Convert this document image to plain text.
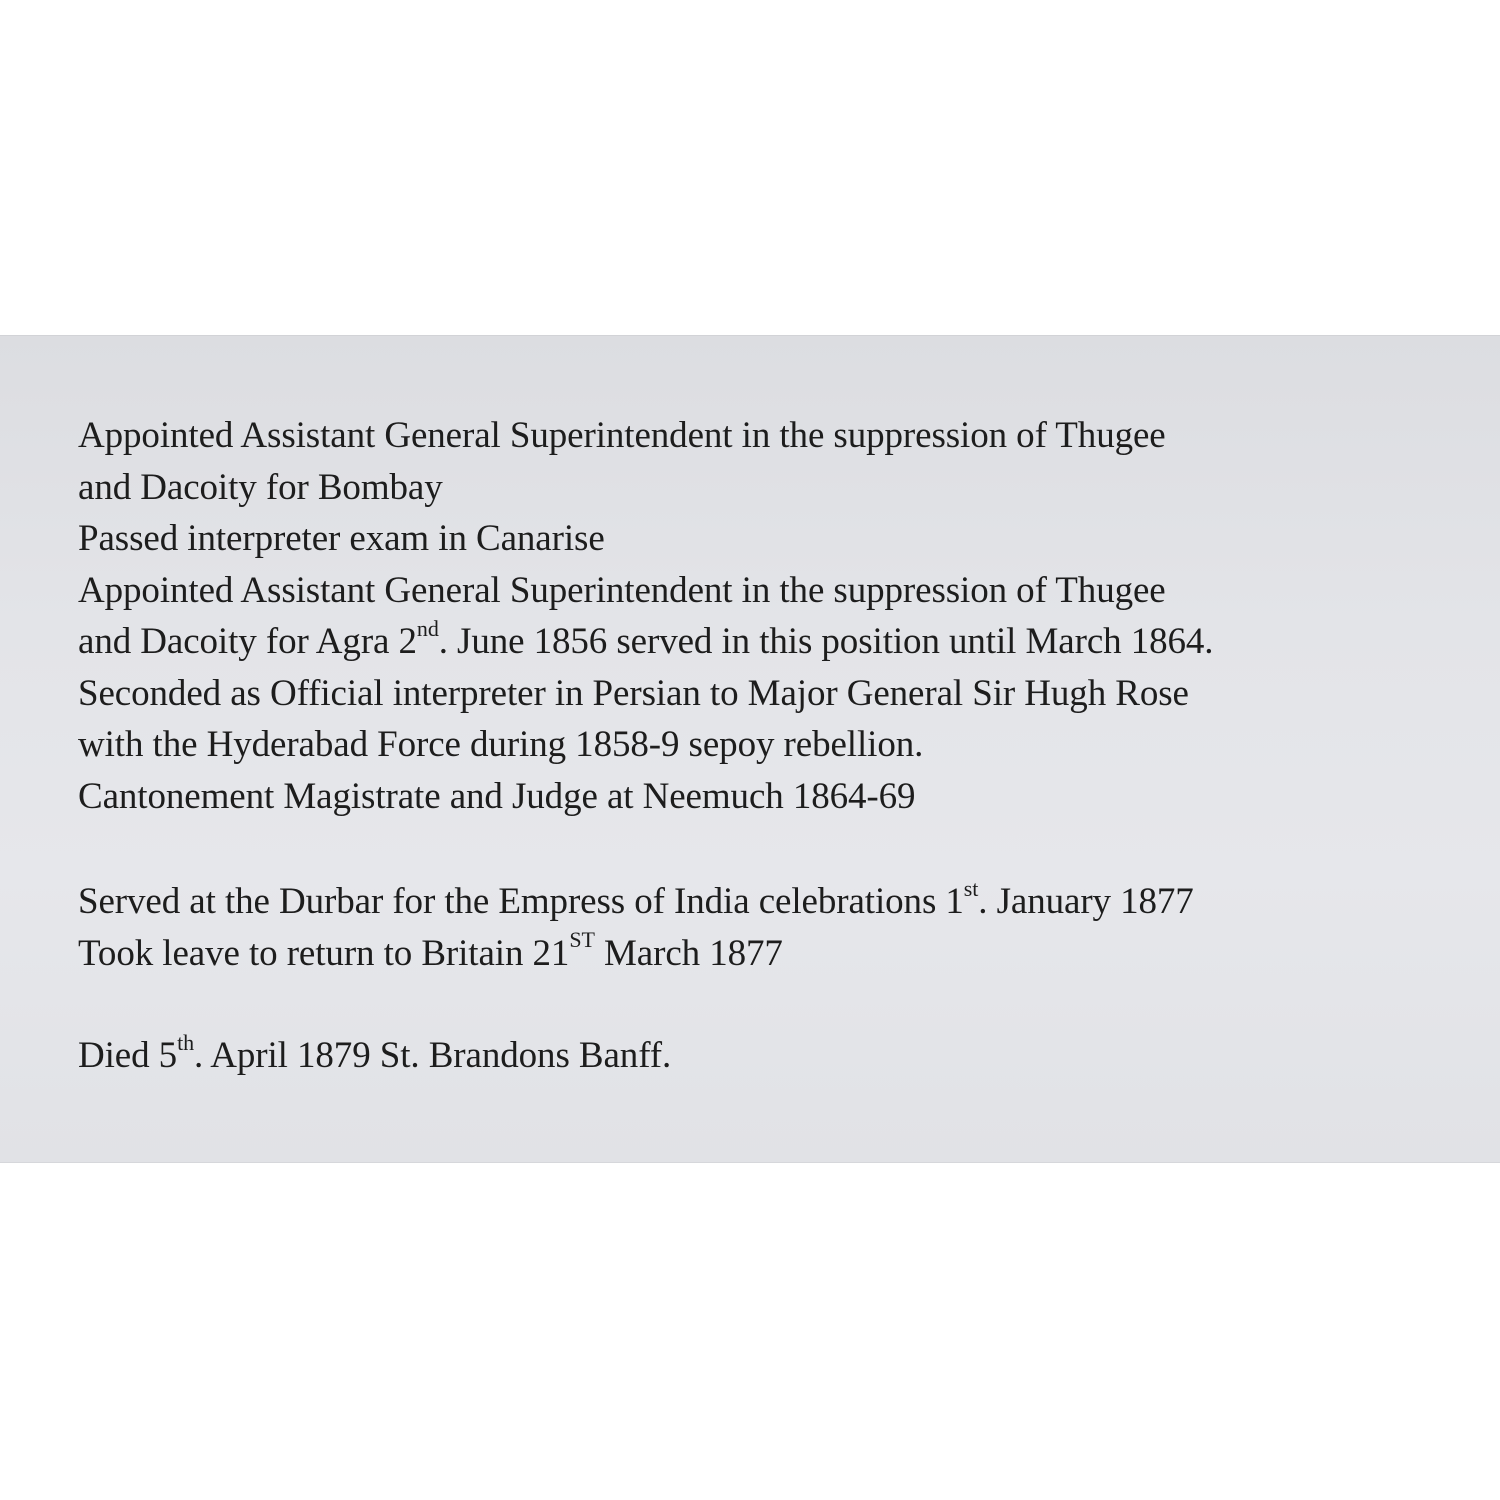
Appointed Assistant General Superintendent in the suppression of Thugee
and Dacoity for Bombay
Passed interpreter exam in Canarise
Appointed Assistant General Superintendent in the suppression of Thugee
and Dacoity for Agra 2nd. June 1856 served in this position until March 1864.
Seconded as Official interpreter in Persian to Major General Sir Hugh Rose
with the Hyderabad Force during 1858-9 sepoy rebellion.
Cantonement Magistrate and Judge at Neemuch 1864-69
Served at the Durbar for the Empress of India celebrations 1st. January 1877
Took leave to return to Britain 21ST March 1877
Died 5th. April 1879 St. Brandons Banff.
